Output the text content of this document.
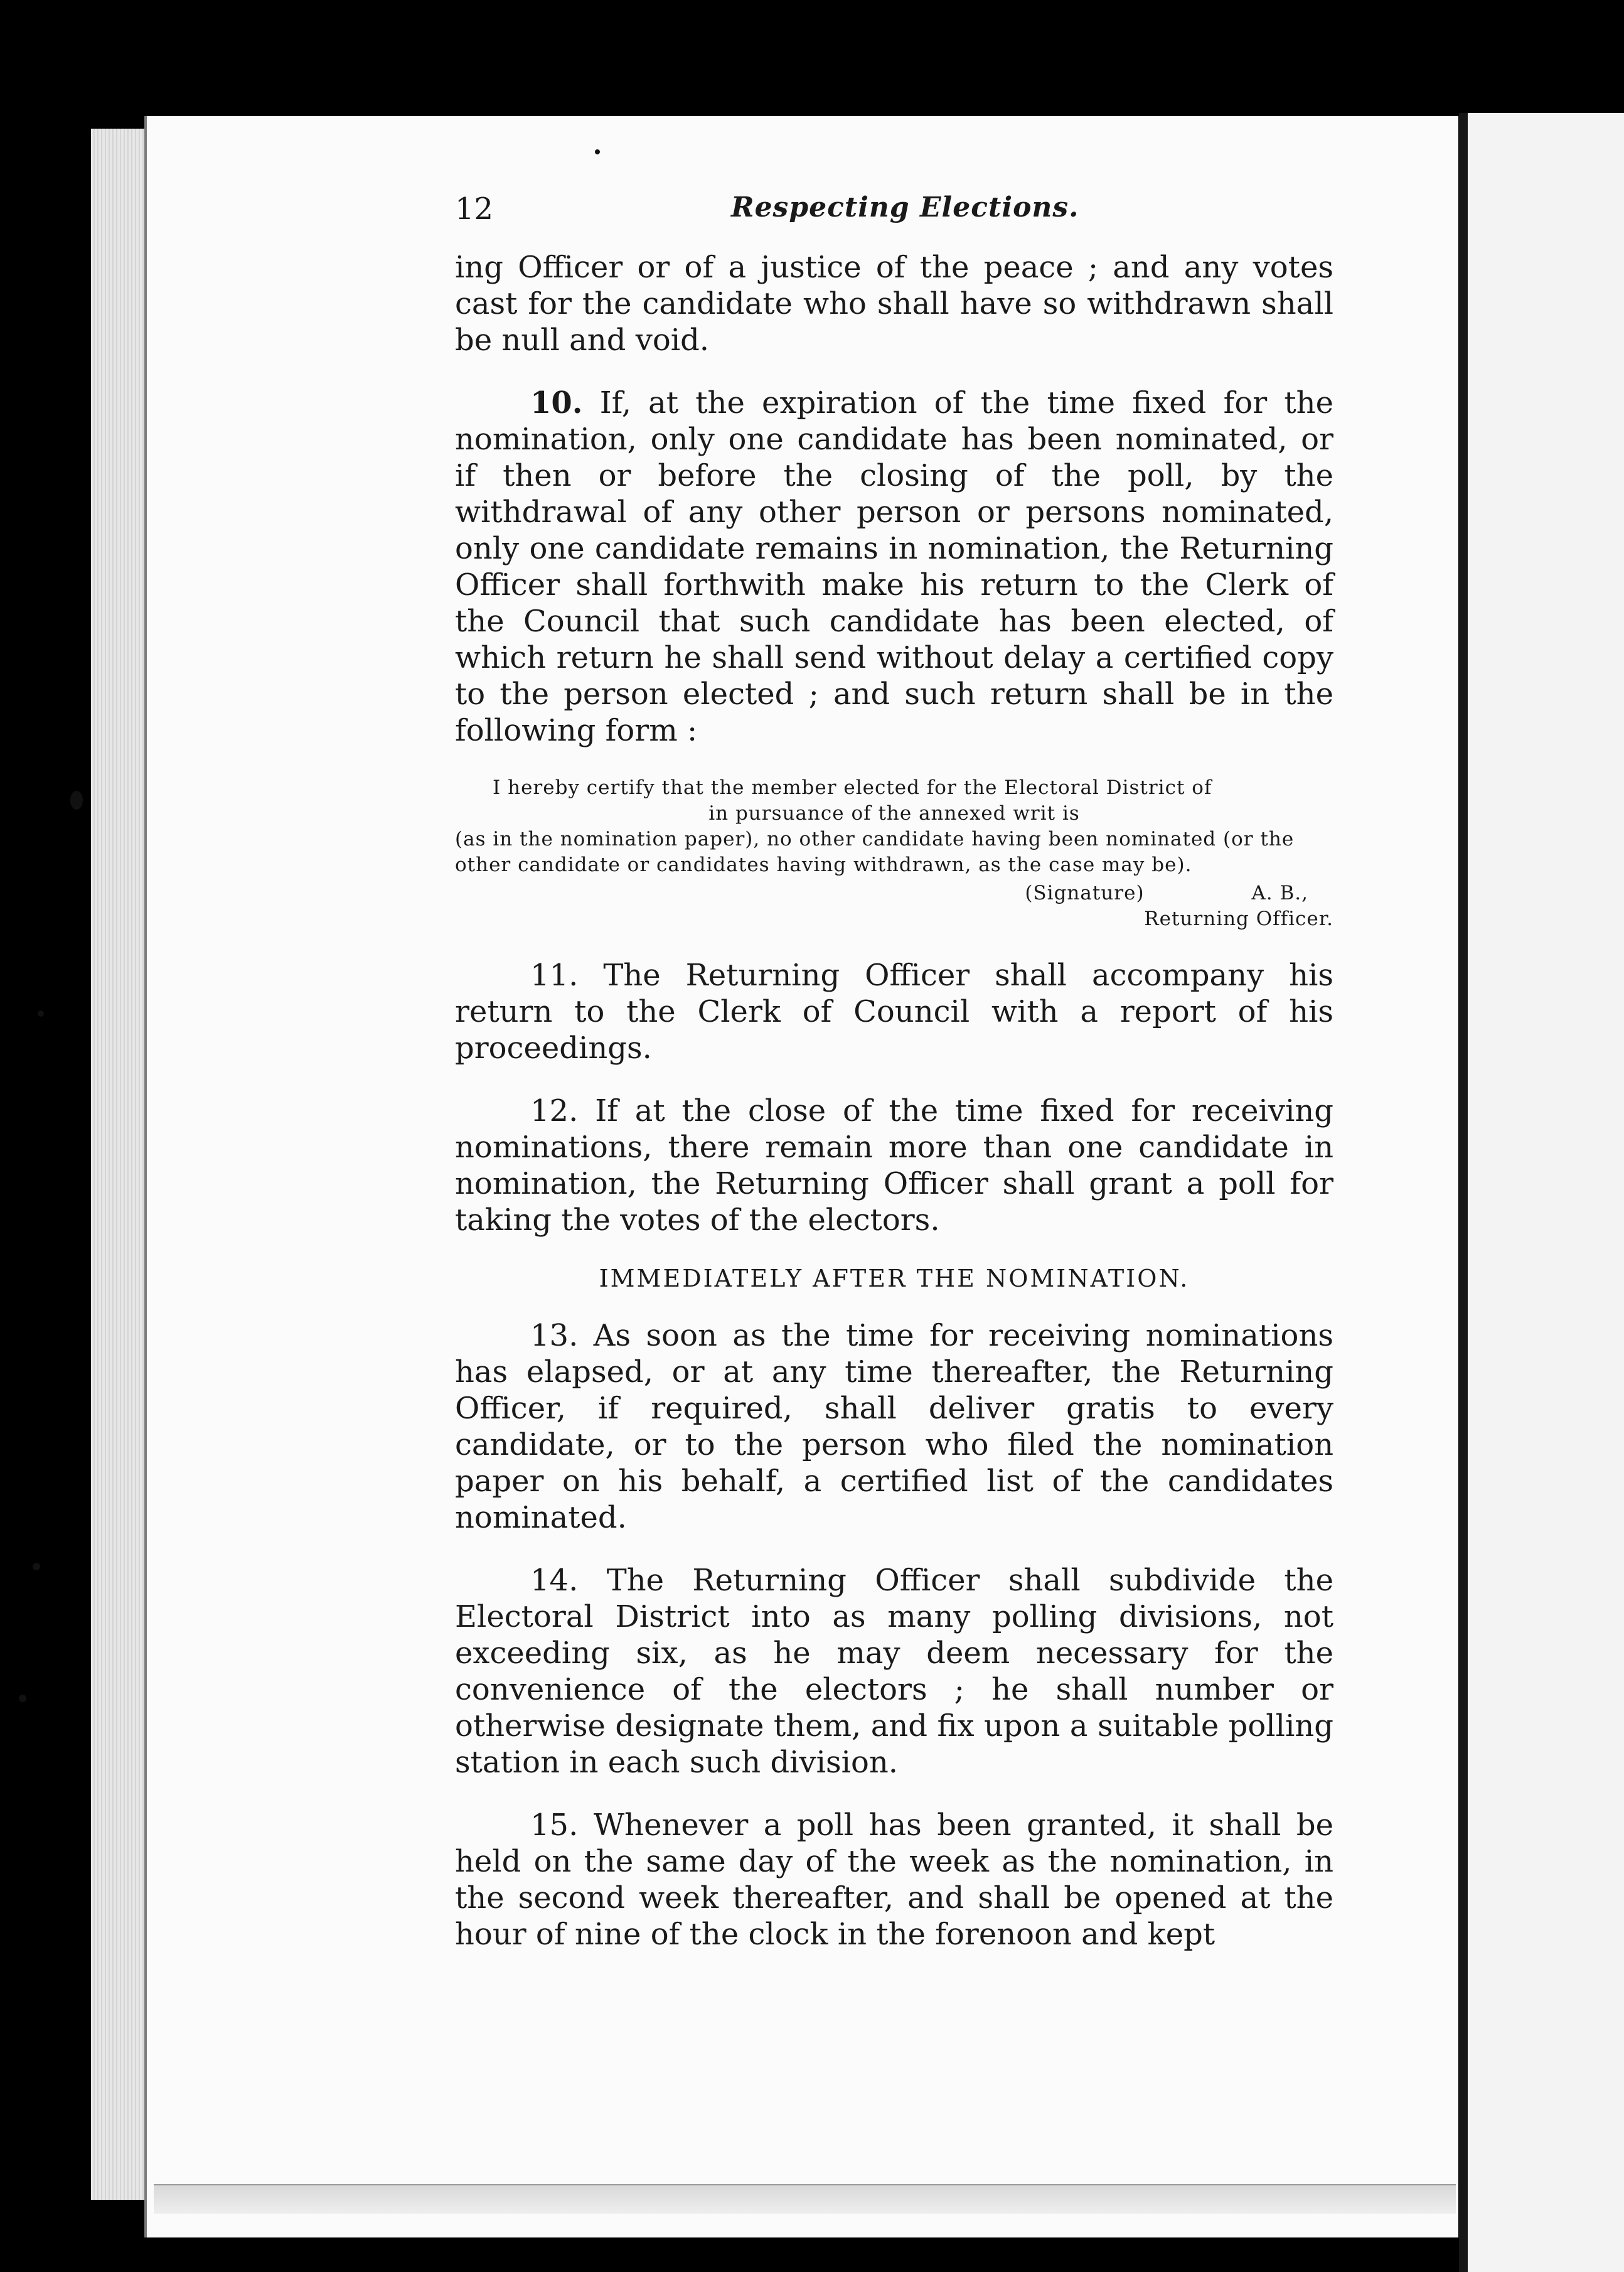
12	Respecting Elections.

ing Officer or of a justice of the peace ; and any votes cast for the candidate who shall have so withdrawn shall be null and void.

10. If, at the expiration of the time fixed for the nomination, only one candidate has been nominated, or if then or before the closing of the poll, by the withdrawal of any other person or persons nominated, only one candidate remains in nomination, the Returning Officer shall forthwith make his return to the Clerk of the Council that such candidate has been elected, of which return he shall send without delay a certified copy to the person elected ; and such return shall be in the following form :

I hereby certify that the member elected for the Electoral District of
in pursuance of the annexed writ is
(as in the nomination paper), no other candidate having been nominated (or the other candidate or candidates having withdrawn, as the case may be).
(Signature)	A. B.,
Returning Officer.

11. The Returning Officer shall accompany his return to the Clerk of Council with a report of his proceedings.

12. If at the close of the time fixed for receiving nominations, there remain more than one candidate in nomination, the Returning Officer shall grant a poll for taking the votes of the electors.

IMMEDIATELY AFTER THE NOMINATION.

13. As soon as the time for receiving nominations has elapsed, or at any time thereafter, the Returning Officer, if required, shall deliver gratis to every candidate, or to the person who filed the nomination paper on his behalf, a certified list of the candidates nominated.

14. The Returning Officer shall subdivide the Electoral District into as many polling divisions, not exceeding six, as he may deem necessary for the convenience of the electors ; he shall number or otherwise designate them, and fix upon a suitable polling station in each such division.

15. Whenever a poll has been granted, it shall be held on the same day of the week as the nomination, in the second week thereafter, and shall be opened at the hour of nine of the clock in the forenoon and kept
